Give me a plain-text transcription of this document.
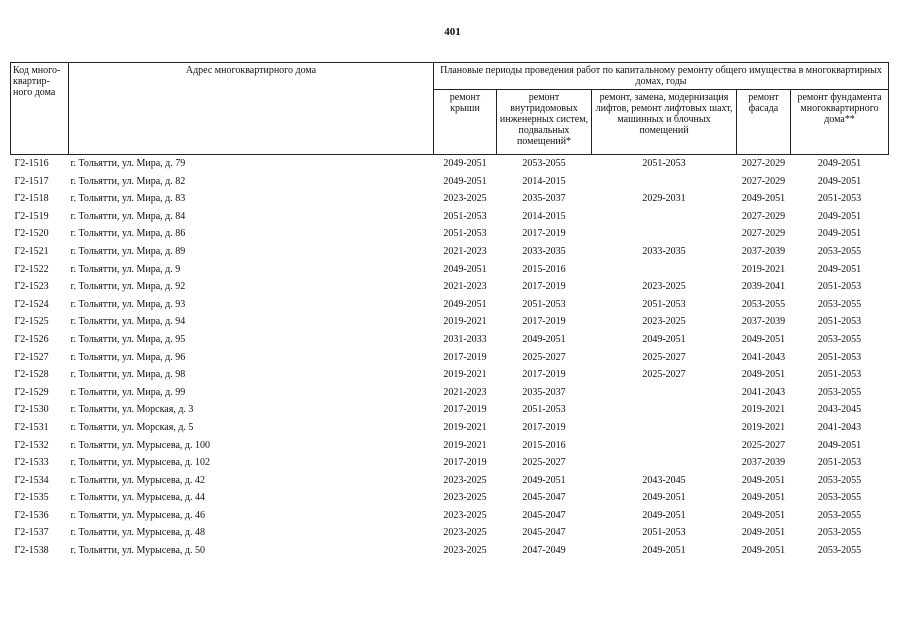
401
Код много-квартир-ного дома	Адрес многоквартирного дома	Плановые периоды проведения работ по капитальному ремонту общего имущества в многоквартирных домах, годы				
		ремонт крыши	ремонт внутридомовых инженерных систем, подвальных помещений*	ремонт, замена, модернизация лифтов, ремонт лифтовых шахт, машинных и блочных помещений	ремонт фасада	ремонт фундамента многоквартирного дома**
Г2-1516	г. Тольятти, ул. Мира, д. 79	2049-2051	2053-2055	2051-2053	2027-2029	2049-2051
Г2-1517	г. Тольятти, ул. Мира, д. 82	2049-2051	2014-2015		2027-2029	2049-2051
Г2-1518	г. Тольятти, ул. Мира, д. 83	2023-2025	2035-2037	2029-2031	2049-2051	2051-2053
Г2-1519	г. Тольятти, ул. Мира, д. 84	2051-2053	2014-2015		2027-2029	2049-2051
Г2-1520	г. Тольятти, ул. Мира, д. 86	2051-2053	2017-2019		2027-2029	2049-2051
Г2-1521	г. Тольятти, ул. Мира, д. 89	2021-2023	2033-2035	2033-2035	2037-2039	2053-2055
Г2-1522	г. Тольятти, ул. Мира, д. 9	2049-2051	2015-2016		2019-2021	2049-2051
Г2-1523	г. Тольятти, ул. Мира, д. 92	2021-2023	2017-2019	2023-2025	2039-2041	2051-2053
Г2-1524	г. Тольятти, ул. Мира, д. 93	2049-2051	2051-2053	2051-2053	2053-2055	2053-2055
Г2-1525	г. Тольятти, ул. Мира, д. 94	2019-2021	2017-2019	2023-2025	2037-2039	2051-2053
Г2-1526	г. Тольятти, ул. Мира, д. 95	2031-2033	2049-2051	2049-2051	2049-2051	2053-2055
Г2-1527	г. Тольятти, ул. Мира, д. 96	2017-2019	2025-2027	2025-2027	2041-2043	2051-2053
Г2-1528	г. Тольятти, ул. Мира, д. 98	2019-2021	2017-2019	2025-2027	2049-2051	2051-2053
Г2-1529	г. Тольятти, ул. Мира, д. 99	2021-2023	2035-2037		2041-2043	2053-2055
Г2-1530	г. Тольятти, ул. Морская, д. 3	2017-2019	2051-2053		2019-2021	2043-2045
Г2-1531	г. Тольятти, ул. Морская, д. 5	2019-2021	2017-2019		2019-2021	2041-2043
Г2-1532	г. Тольятти, ул. Мурысева, д. 100	2019-2021	2015-2016		2025-2027	2049-2051
Г2-1533	г. Тольятти, ул. Мурысева, д. 102	2017-2019	2025-2027		2037-2039	2051-2053
Г2-1534	г. Тольятти, ул. Мурысева, д. 42	2023-2025	2049-2051	2043-2045	2049-2051	2053-2055
Г2-1535	г. Тольятти, ул. Мурысева, д. 44	2023-2025	2045-2047	2049-2051	2049-2051	2053-2055
Г2-1536	г. Тольятти, ул. Мурысева, д. 46	2023-2025	2045-2047	2049-2051	2049-2051	2053-2055
Г2-1537	г. Тольятти, ул. Мурысева, д. 48	2023-2025	2045-2047	2051-2053	2049-2051	2053-2055
Г2-1538	г. Тольятти, ул. Мурысева, д. 50	2023-2025	2047-2049	2049-2051	2049-2051	2053-2055
